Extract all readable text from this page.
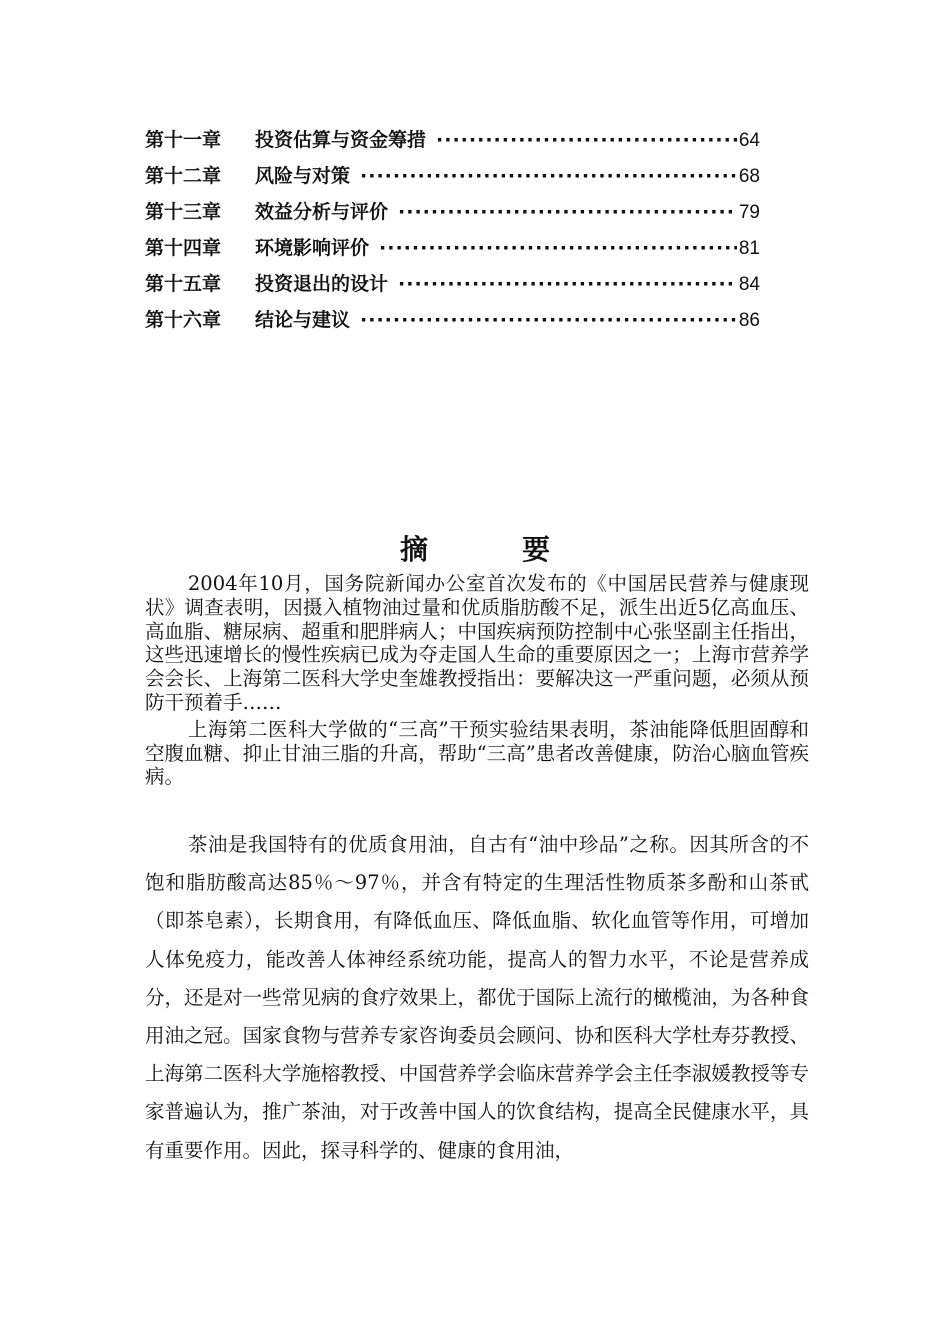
第十一章	投资估算与资金筹措 ·····	64
第十二章	风险与对策 ·····	68
第十三章	效益分析与评价 ·····	79
第十四章	环境影响评价 ·····	81
第十五章	投资退出的设计 ·····	84
第十六章	结论与建议 ·····	86
摘要

2004年10月，国务院新闻办公室首次发布的《中国居民营养与健康现状》调查表明，因摄入植物油过量和优质脂肪酸不足，派生出近5亿高血压、高血脂、糖尿病、超重和肥胖病人；中国疾病预防控制中心张坚副主任指出，这些迅速增长的慢性疾病已成为夺走国人生命的重要原因之一；上海市营养学会会长、上海第二医科大学史奎雄教授指出：要解决这一严重问题，必须从预防干预着手……

上海第二医科大学做的“三高”干预实验结果表明，茶油能降低胆固醇和空腹血糖、抑止甘油三脂的升高，帮助“三高”患者改善健康，防治心脑血管疾病。

茶油是我国特有的优质食用油，自古有“油中珍品”之称。因其所含的不饱和脂肪酸高达85％～97％，并含有特定的生理活性物质茶多酚和山茶甙（即茶皂素），长期食用，有降低血压、降低血脂、软化血管等作用，可增加人体免疫力，能改善人体神经系统功能，提高人的智力水平，不论是营养成分，还是对一些常见病的食疗效果上，都优于国际上流行的橄榄油，为各种食用油之冠。国家食物与营养专家咨询委员会顾问、协和医科大学杜寿芬教授、上海第二医科大学施榕教授、中国营养学会临床营养学会主任李淑媛教授等专家普遍认为，推广茶油，对于改善中国人的饮食结构，提高全民健康水平，具有重要作用。因此，探寻科学的、健康的食用油，
